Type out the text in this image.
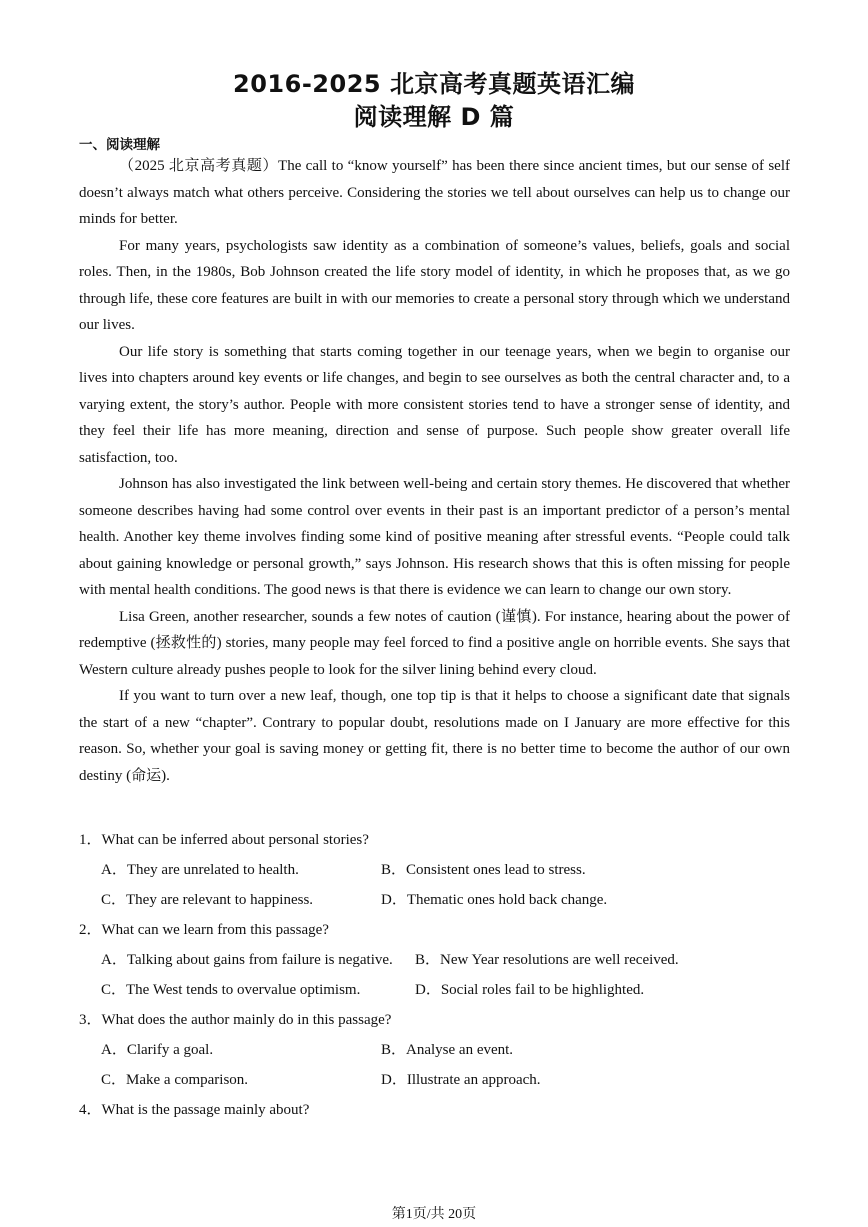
2016-2025 北京高考真题英语汇编
阅读理解 D 篇
一、阅读理解

（2025 北京高考真题）The call to “know yourself” has been there since ancient times, but our sense of self doesn’t always match what others perceive. Considering the stories we tell about ourselves can help us to change our minds for better.

For many years, psychologists saw identity as a combination of someone’s values, beliefs, goals and social roles. Then, in the 1980s, Bob Johnson created the life story model of identity, in which he proposes that, as we go through life, these core features are built in with our memories to create a personal story through which we understand our lives.

Our life story is something that starts coming together in our teenage years, when we begin to organise our lives into chapters around key events or life changes, and begin to see ourselves as both the central character and, to a varying extent, the story’s author. People with more consistent stories tend to have a stronger sense of identity, and they feel their life has more meaning, direction and sense of purpose. Such people show greater overall life satisfaction, too.

Johnson has also investigated the link between well-being and certain story themes. He discovered that whether someone describes having had some control over events in their past is an important predictor of a person’s mental health. Another key theme involves finding some kind of positive meaning after stressful events. “People could talk about gaining knowledge or personal growth,” says Johnson. His research shows that this is often missing for people with mental health conditions. The good news is that there is evidence we can learn to change our own story.

Lisa Green, another researcher, sounds a few notes of caution (谨慎). For instance, hearing about the power of redemptive (拯救性的) stories, many people may feel forced to find a positive angle on horrible events. She says that Western culture already pushes people to look for the silver lining behind every cloud.

If you want to turn over a new leaf, though, one top tip is that it helps to choose a significant date that signals the start of a new “chapter”. Contrary to popular doubt, resolutions made on I January are more effective for this reason. So, whether your goal is saving money or getting fit, there is no better time to become the author of our own destiny (命运).

1．What can be inferred about personal stories?
A．They are unrelated to health.	B．Consistent ones lead to stress.
C．They are relevant to happiness.	D．Thematic ones hold back change.
2．What can we learn from this passage?
A．Talking about gains from failure is negative. B．New Year resolutions are well received.
C．The West tends to overvalue optimism.	D．Social roles fail to be highlighted.
3．What does the author mainly do in this passage?
A．Clarify a goal.	B．Analyse an event.
C．Make a comparison.	D．Illustrate an approach.
4．What is the passage mainly about?
第1页/共 20页
